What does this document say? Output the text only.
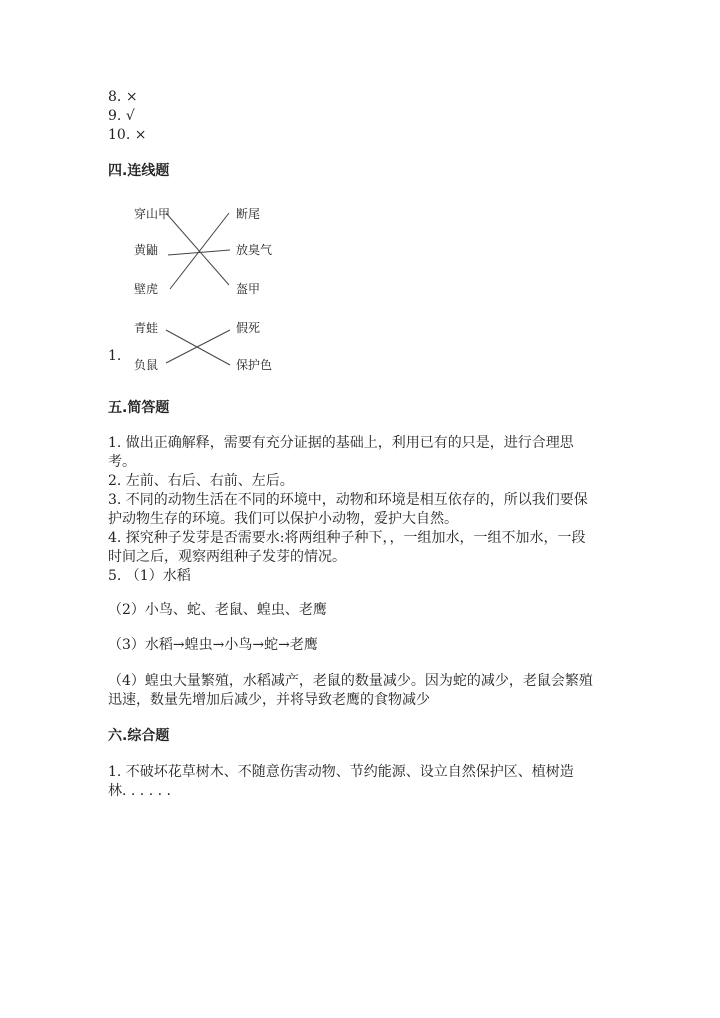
8. ×
9. √
10. ×
四.连线题
穿山甲
黄鼬
壁虎
断尾
放臭气
盔甲
1.
青蛙
负鼠
假死
保护色
五.简答题
1. 做出正确解释，需要有充分证据的基础上，利用已有的只是，进行合理思
考。
2. 左前、右后、右前、左后。
3. 不同的动物生活在不同的环境中，动物和环境是相互依存的，所以我们要保
护动物生存的环境。我们可以保护小动物，爱护大自然。
4. 探究种子发芽是否需要水:将两组种子种下，，一组加水，一组不加水，一段
时间之后，观察两组种子发芽的情况。
5. （1）水稻
（2）小鸟、蛇、老鼠、蝗虫、老鹰
（3）水稻→蝗虫→小鸟→蛇→老鹰
（4）蝗虫大量繁殖，水稻减产，老鼠的数量减少。因为蛇的减少，老鼠会繁殖
迅速，数量先增加后减少，并将导致老鹰的食物减少
六.综合题
1. 不破坏花草树木、不随意伤害动物、节约能源、设立自然保护区、植树造
林. . . . . .
